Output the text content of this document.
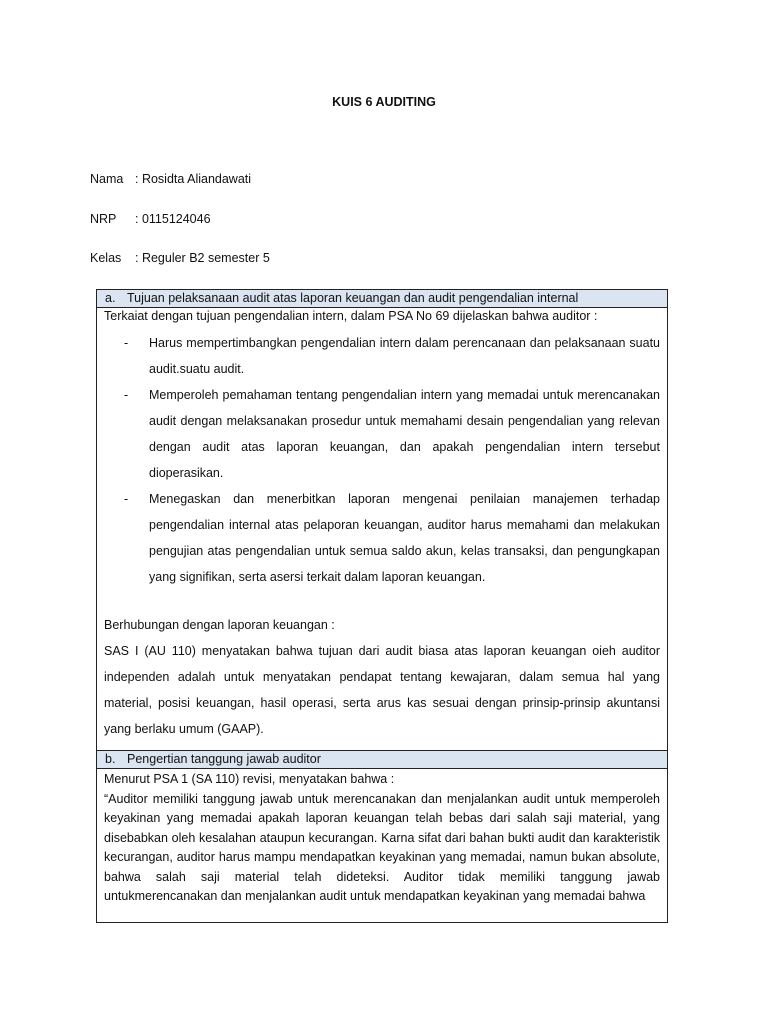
KUIS 6 AUDITING
Nama : Rosidta Aliandawati
NRP : 0115124046
Kelas : Reguler B2 semester 5
a. Tujuan pelaksanaan audit atas laporan keuangan dan audit pengendalian internal

Terkaiat dengan tujuan pengendalian intern, dalam PSA No 69 dijelaskan bahwa auditor :

- Harus mempertimbangkan pengendalian intern dalam perencanaan dan pelaksanaan suatu audit.suatu audit.
- Memperoleh pemahaman tentang pengendalian intern yang memadai untuk merencanakan audit dengan melaksanakan prosedur untuk memahami desain pengendalian yang relevan dengan audit atas laporan keuangan, dan apakah pengendalian intern tersebut dioperasikan.
- Menegaskan dan menerbitkan laporan mengenai penilaian manajemen terhadap pengendalian internal atas pelaporan keuangan, auditor harus memahami dan melakukan pengujian atas pengendalian untuk semua saldo akun, kelas transaksi, dan pengungkapan yang signifikan, serta asersi terkait dalam laporan keuangan.

Berhubungan dengan laporan keuangan :

SAS I (AU 110) menyatakan bahwa tujuan dari audit biasa atas laporan keuangan oieh auditor independen adalah untuk menyatakan pendapat tentang kewajaran, dalam semua hal yang material, posisi keuangan, hasil operasi, serta arus kas sesuai dengan prinsip-prinsip akuntansi yang berlaku umum (GAAP).

b. Pengertian tanggung jawab auditor

Menurut PSA 1 (SA 110) revisi, menyatakan bahwa :

“Auditor memiliki tanggung jawab untuk merencanakan dan menjalankan audit untuk memperoleh keyakinan yang memadai apakah laporan keuangan telah bebas dari salah saji material, yang disebabkan oleh kesalahan ataupun kecurangan. Karna sifat dari bahan bukti audit dan karakteristik kecurangan, auditor harus mampu mendapatkan keyakinan yang memadai, namun bukan absolute, bahwa salah saji material telah dideteksi. Auditor tidak memiliki tanggung jawab untukmerencanakan dan menjalankan audit untuk mendapatkan keyakinan yang memadai bahwa
